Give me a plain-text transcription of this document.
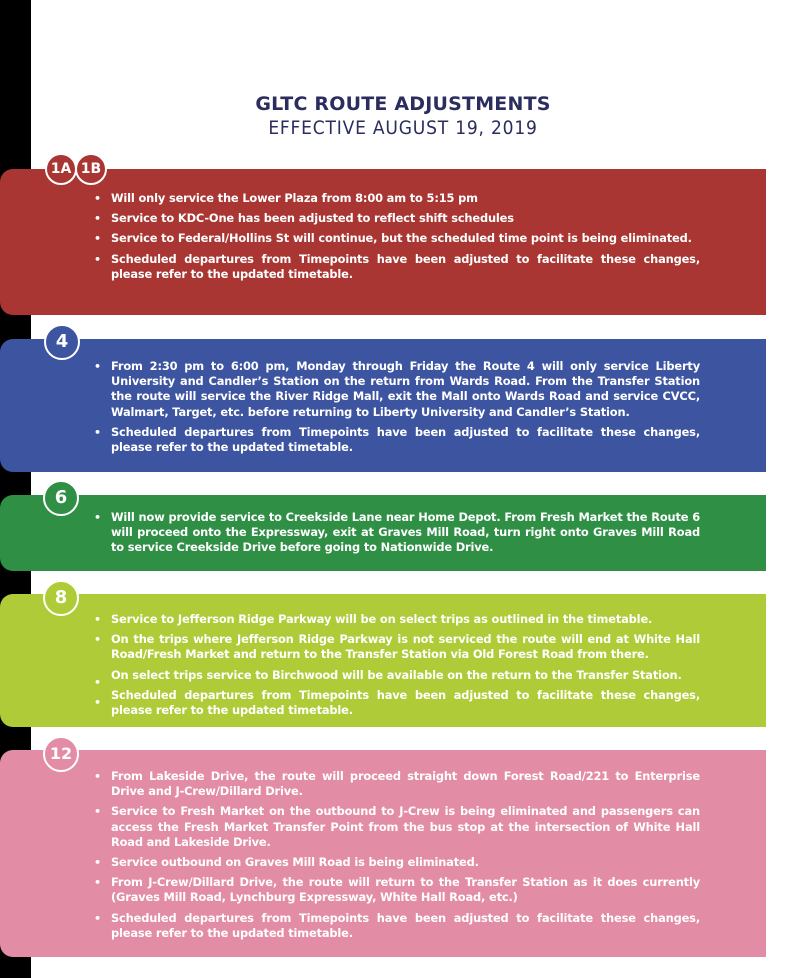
GLTC ROUTE ADJUSTMENTS
EFFECTIVE AUGUST 19, 2019
• Will only service the Lower Plaza from 8:00 am to 5:15 pm
• Service to KDC-One has been adjusted to reflect shift schedules
• Service to Federal/Hollins St will continue, but the scheduled time point is being eliminated.
• Scheduled departures from Timepoints have been adjusted to facilitate these changes, please refer to the updated timetable.
1A 1B
• From 2:30 pm to 6:00 pm, Monday through Friday the Route 4 will only service Liberty University and Candler’s Station on the return from Wards Road. From the Transfer Station the route will service the River Ridge Mall, exit the Mall onto Wards Road and service CVCC, Walmart, Target, etc. before returning to Liberty University and Candler’s Station.
• Scheduled departures from Timepoints have been adjusted to facilitate these changes, please refer to the updated timetable.
4
• Will now provide service to Creekside Lane near Home Depot. From Fresh Market the Route 6 will proceed onto the Expressway, exit at Graves Mill Road, turn right onto Graves Mill Road to service Creekside Drive before going to Nationwide Drive.
6
• Service to Jefferson Ridge Parkway will be on select trips as outlined in the timetable.
• On the trips where Jefferson Ridge Parkway is not serviced the route will end at White Hall Road/Fresh Market and return to the Transfer Station via Old Forest Road from there.
• On select trips service to Birchwood will be available on the return to the Transfer Station.
• Scheduled departures from Timepoints have been adjusted to facilitate these changes, please refer to the updated timetable.
8
• From Lakeside Drive, the route will proceed straight down Forest Road/221 to Enterprise Drive and J-Crew/Dillard Drive.
• Service to Fresh Market on the outbound to J-Crew is being eliminated and passengers can access the Fresh Market Transfer Point from the bus stop at the intersection of White Hall Road and Lakeside Drive.
• Service outbound on Graves Mill Road is being eliminated.
• From J-Crew/Dillard Drive, the route will return to the Transfer Station as it does currently (Graves Mill Road, Lynchburg Expressway, White Hall Road, etc.)
• Scheduled departures from Timepoints have been adjusted to facilitate these changes, please refer to the updated timetable.
12
